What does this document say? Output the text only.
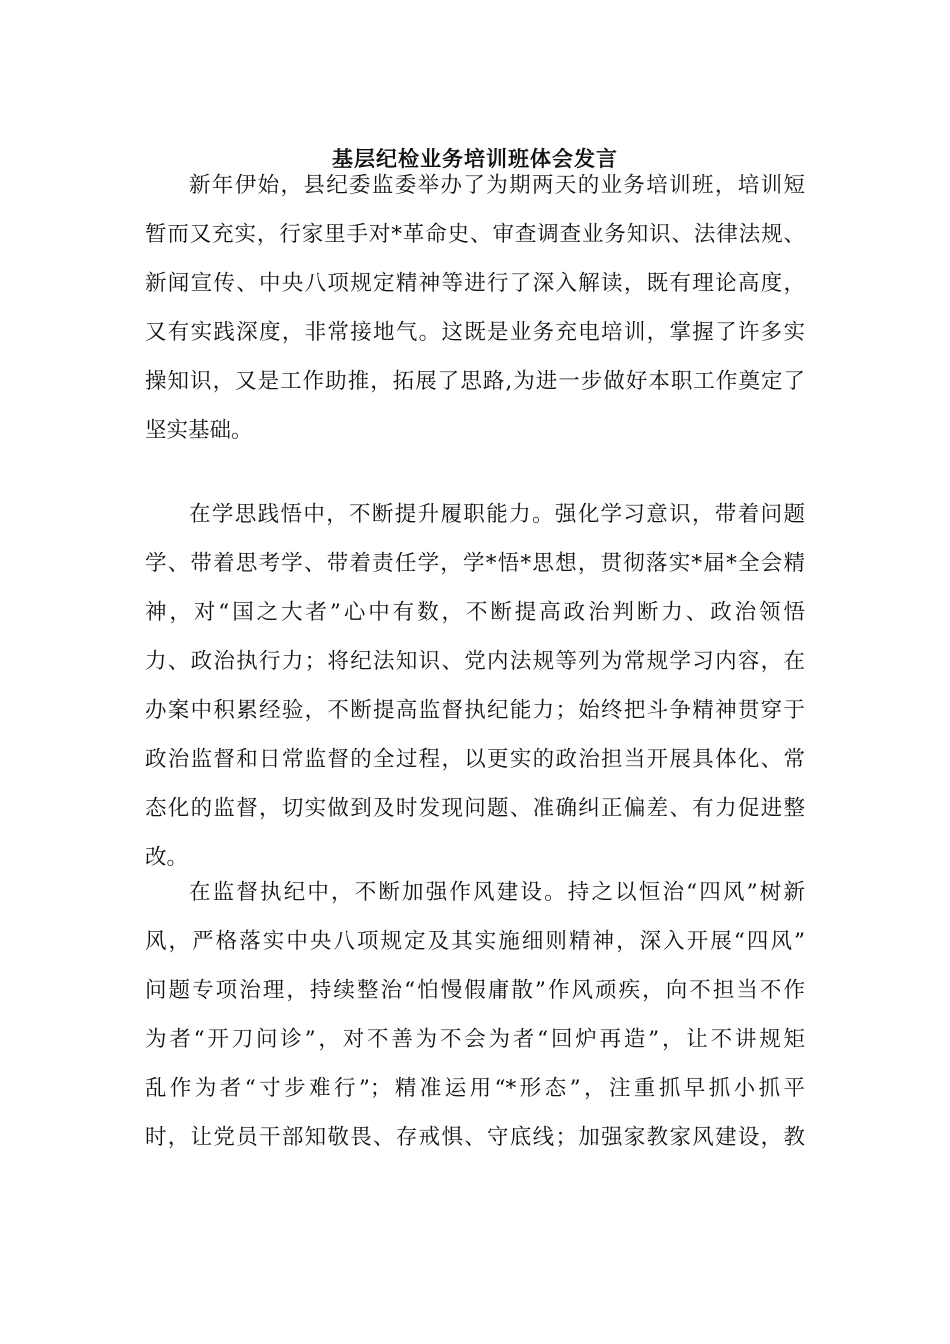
基层纪检业务培训班体会发言
新年伊始，县纪委监委举办了为期两天的业务培训班，培训短
暂而又充实，行家里手对*革命史、审查调查业务知识、法律法规、
新闻宣传、中央八项规定精神等进行了深入解读，既有理论高度，
又有实践深度，非常接地气。这既是业务充电培训，掌握了许多实
操知识，又是工作助推，拓展了思路,为进一步做好本职工作奠定了
坚实基础。
在学思践悟中，不断提升履职能力。强化学习意识，带着问题
学、带着思考学、带着责任学，学*悟*思想，贯彻落实*届*全会精
神，对“国之大者”心中有数，不断提高政治判断力、政治领悟
力、政治执行力；将纪法知识、党内法规等列为常规学习内容，在
办案中积累经验，不断提高监督执纪能力；始终把斗争精神贯穿于
政治监督和日常监督的全过程，以更实的政治担当开展具体化、常
态化的监督，切实做到及时发现问题、准确纠正偏差、有力促进整
改。
在监督执纪中，不断加强作风建设。持之以恒治“四风”树新
风，严格落实中央八项规定及其实施细则精神，深入开展“四风”
问题专项治理，持续整治“怕慢假庸散”作风顽疾，向不担当不作
为者“开刀问诊”，对不善为不会为者“回炉再造”，让不讲规矩
乱作为者“寸步难行”；精准运用“*形态”，注重抓早抓小抓平
时，让党员干部知敬畏、存戒惧、守底线；加强家教家风建设，教
